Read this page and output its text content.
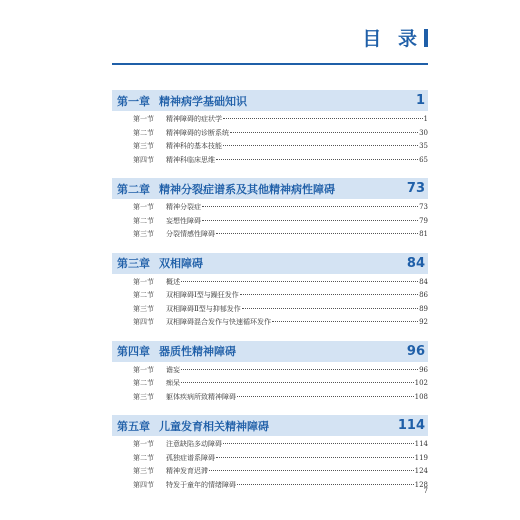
目 录
第一章 精神病学基础知识	1
第一节	精神障碍的症状学	1
第二节	精神障碍的诊断系统	30
第三节	精神科的基本技能	35
第四节	精神科临床思维	65
第二章 精神分裂症谱系及其他精神病性障碍	73
第一节	精神分裂症	73
第二节	妄想性障碍	79
第三节	分裂情感性障碍	81
第三章 双相障碍	84
第一节	概述	84
第二节	双相障碍Ⅰ型与躁狂发作	86
第三节	双相障碍Ⅱ型与抑郁发作	89
第四节	双相障碍混合发作与快速循环发作	92
第四章 器质性精神障碍	96
第一节	谵妄	96
第二节	痴呆	102
第三节	躯体疾病所致精神障碍	108
第五章 儿童发育相关精神障碍	114
第一节	注意缺陷多动障碍	114
第二节	孤独症谱系障碍	119
第三节	精神发育迟滞	124
第四节	特发于童年的情绪障碍	128
7
